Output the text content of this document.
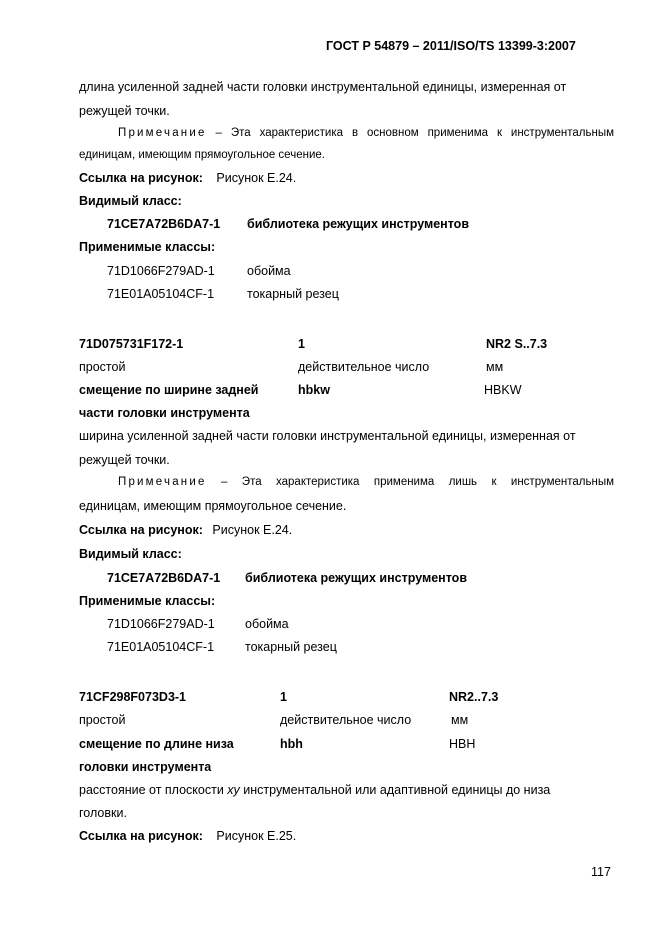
ГОСТ Р 54879 – 2011/ISO/TS 13399-3:2007
длина усиленной задней части головки инструментальной единицы, измеренная от
режущей точки.
Примечание – Эта характеристика в основном применима к инструментальным
единицам, имеющим прямоугольное сечение.
Ссылка на рисунок: Рисунок Е.24.
Видимый класс:
71CE7A72B6DA7-1 библиотека режущих инструментов
Применимые классы:
71D1066F279AD-1	обойма
71E01A05104CF-1	токарный резец
71D075731F172-1	1	NR2 S..7.3
простой	действительное число	мм
смещение по ширине задней	hbkw	HBKW
части головки инструмента
ширина усиленной задней части головки инструментальной единицы, измеренная от
режущей точки.
Примечание – Эта характеристика применима лишь к инструментальным
единицам, имеющим прямоугольное сечение.
Ссылка на рисунок: Рисунок Е.24.
Видимый класс:
71CE7A72B6DA7-1 библиотека режущих инструментов
Применимые классы:
71D1066F279AD-1 обойма
71E01A05104CF-1 токарный резец
71CF298F073D3-1	1	NR2..7.3
простой	действительное число	мм
смещение по длине низа	hbh	HBH
головки инструмента
расстояние от плоскости xy инструментальной или адаптивной единицы до низа
головки.
Ссылка на рисунок: Рисунок Е.25.
117
